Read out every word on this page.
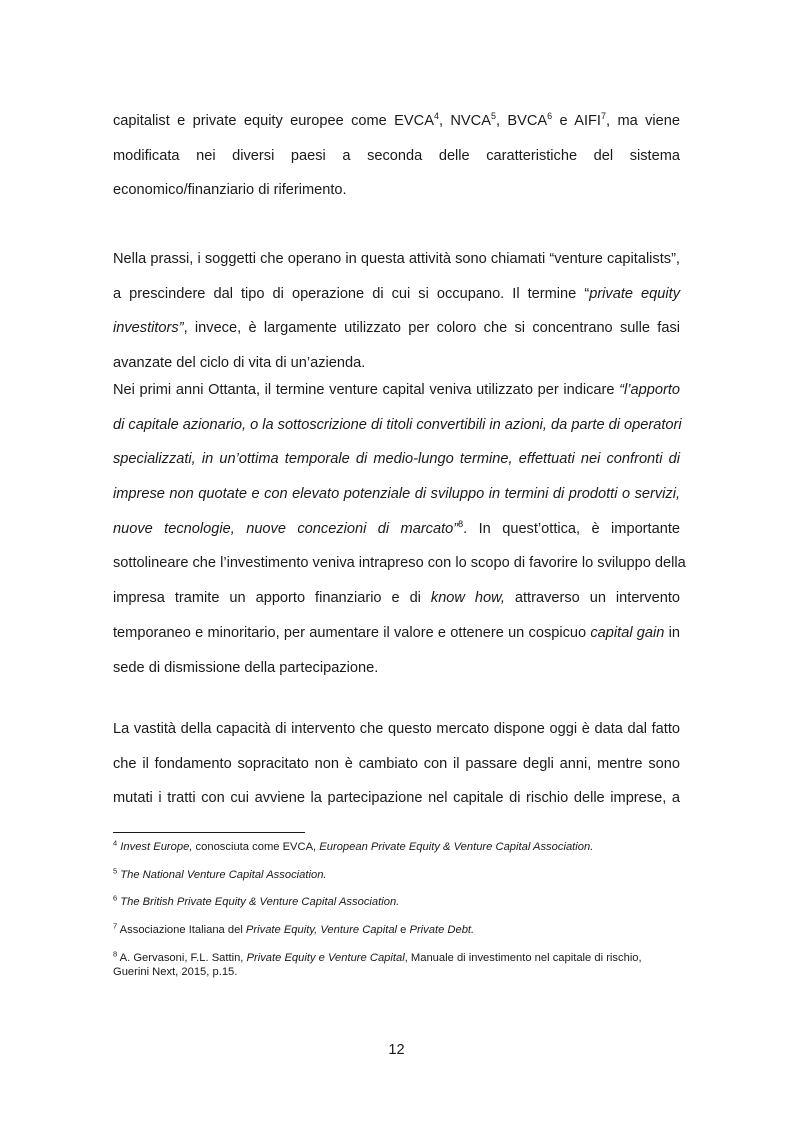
capitalist e private equity europee come EVCA$^4$, NVCA$^5$, BVCA$^6$ e AIFI$^7$, ma viene
modificata nei diversi paesi a seconda delle caratteristiche del sistema
economico/finanziario di riferimento.
Nella prassi, i soggetti che operano in questa attività sono chiamati “venture capitalists”,
a prescindere dal tipo di operazione di cui si occupano. Il termine “private equity
investitors”, invece, è largamente utilizzato per coloro che si concentrano sulle fasi
avanzate del ciclo di vita di un’azienda.
Nei primi anni Ottanta, il termine venture capital veniva utilizzato per indicare “l’apporto
di capitale azionario, o la sottoscrizione di titoli convertibili in azioni, da parte di operatori
specializzati, in un’ottima temporale di medio-lungo termine, effettuati nei confronti di
imprese non quotate e con elevato potenziale di sviluppo in termini di prodotti o servizi,
nuove tecnologie, nuove concezioni di marcato”$^8$. In quest’ottica, è importante
sottolineare che l’investimento veniva intrapreso con lo scopo di favorire lo sviluppo della
impresa tramite un apporto finanziario e di know how, attraverso un intervento
temporaneo e minoritario, per aumentare il valore e ottenere un cospicuo capital gain in
sede di dismissione della partecipazione.
La vastità della capacità di intervento che questo mercato dispone oggi è data dal fatto
che il fondamento sopracitato non è cambiato con il passare degli anni, mentre sono
mutati i tratti con cui avviene la partecipazione nel capitale di rischio delle imprese, a
$^4$ Invest Europe, conosciuta come EVCA, European Private Equity & Venture Capital Association.
$^5$ The National Venture Capital Association.
$^6$ The British Private Equity & Venture Capital Association.
$^7$ Associazione Italiana del Private Equity, Venture Capital e Private Debt.
$^8$ A. Gervasoni, F.L. Sattin, Private Equity e Venture Capital, Manuale di investimento nel capitale di rischio,
Guerini Next, 2015, p.15.
12
